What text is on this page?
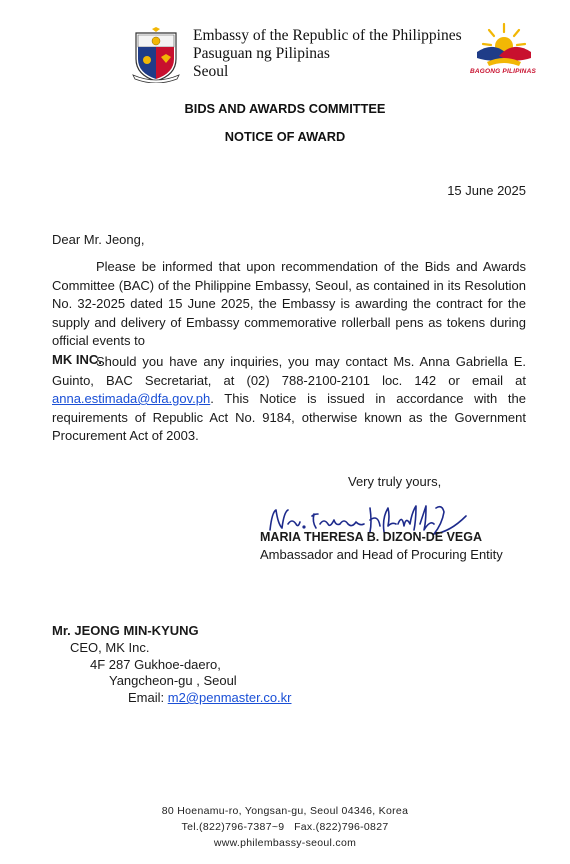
Embassy of the Republic of the Philippines
Pasuguan ng Pilipinas
Seoul	BAGONG PILIPINAS
BIDS AND AWARDS COMMITTEE
NOTICE OF AWARD
15 June 2025
Dear Mr. Jeong,
Please be informed that upon recommendation of the Bids and Awards Committee (BAC) of the Philippine Embassy, Seoul, as contained in its Resolution No. 32-2025 dated 15 June 2025, the Embassy is awarding the contract for the supply and delivery of Embassy commemorative rollerball pens as tokens during official events to
MK INC.
Should you have any inquiries, you may contact Ms. Anna Gabriella E. Guinto, BAC Secretariat, at (02) 788-2100-2101 loc. 142 or email at anna.estimada@dfa.gov.ph. This Notice is issued in accordance with the requirements of Republic Act No. 9184, otherwise known as the Government Procurement Act of 2003.
Very truly yours,
MARIA THERESA B. DIZON-DE VEGA
Ambassador and Head of Procuring Entity
Mr. JEONG MIN-KYUNG
CEO, MK Inc.
4F 287 Gukhoe-daero,
Yangcheon-gu , Seoul
Email: m2@penmaster.co.kr
80 Hoenamu-ro, Yongsan-gu, Seoul 04346, Korea
Tel.(822)796-7387~9   Fax.(822)796-0827
www.philembassy-seoul.com
